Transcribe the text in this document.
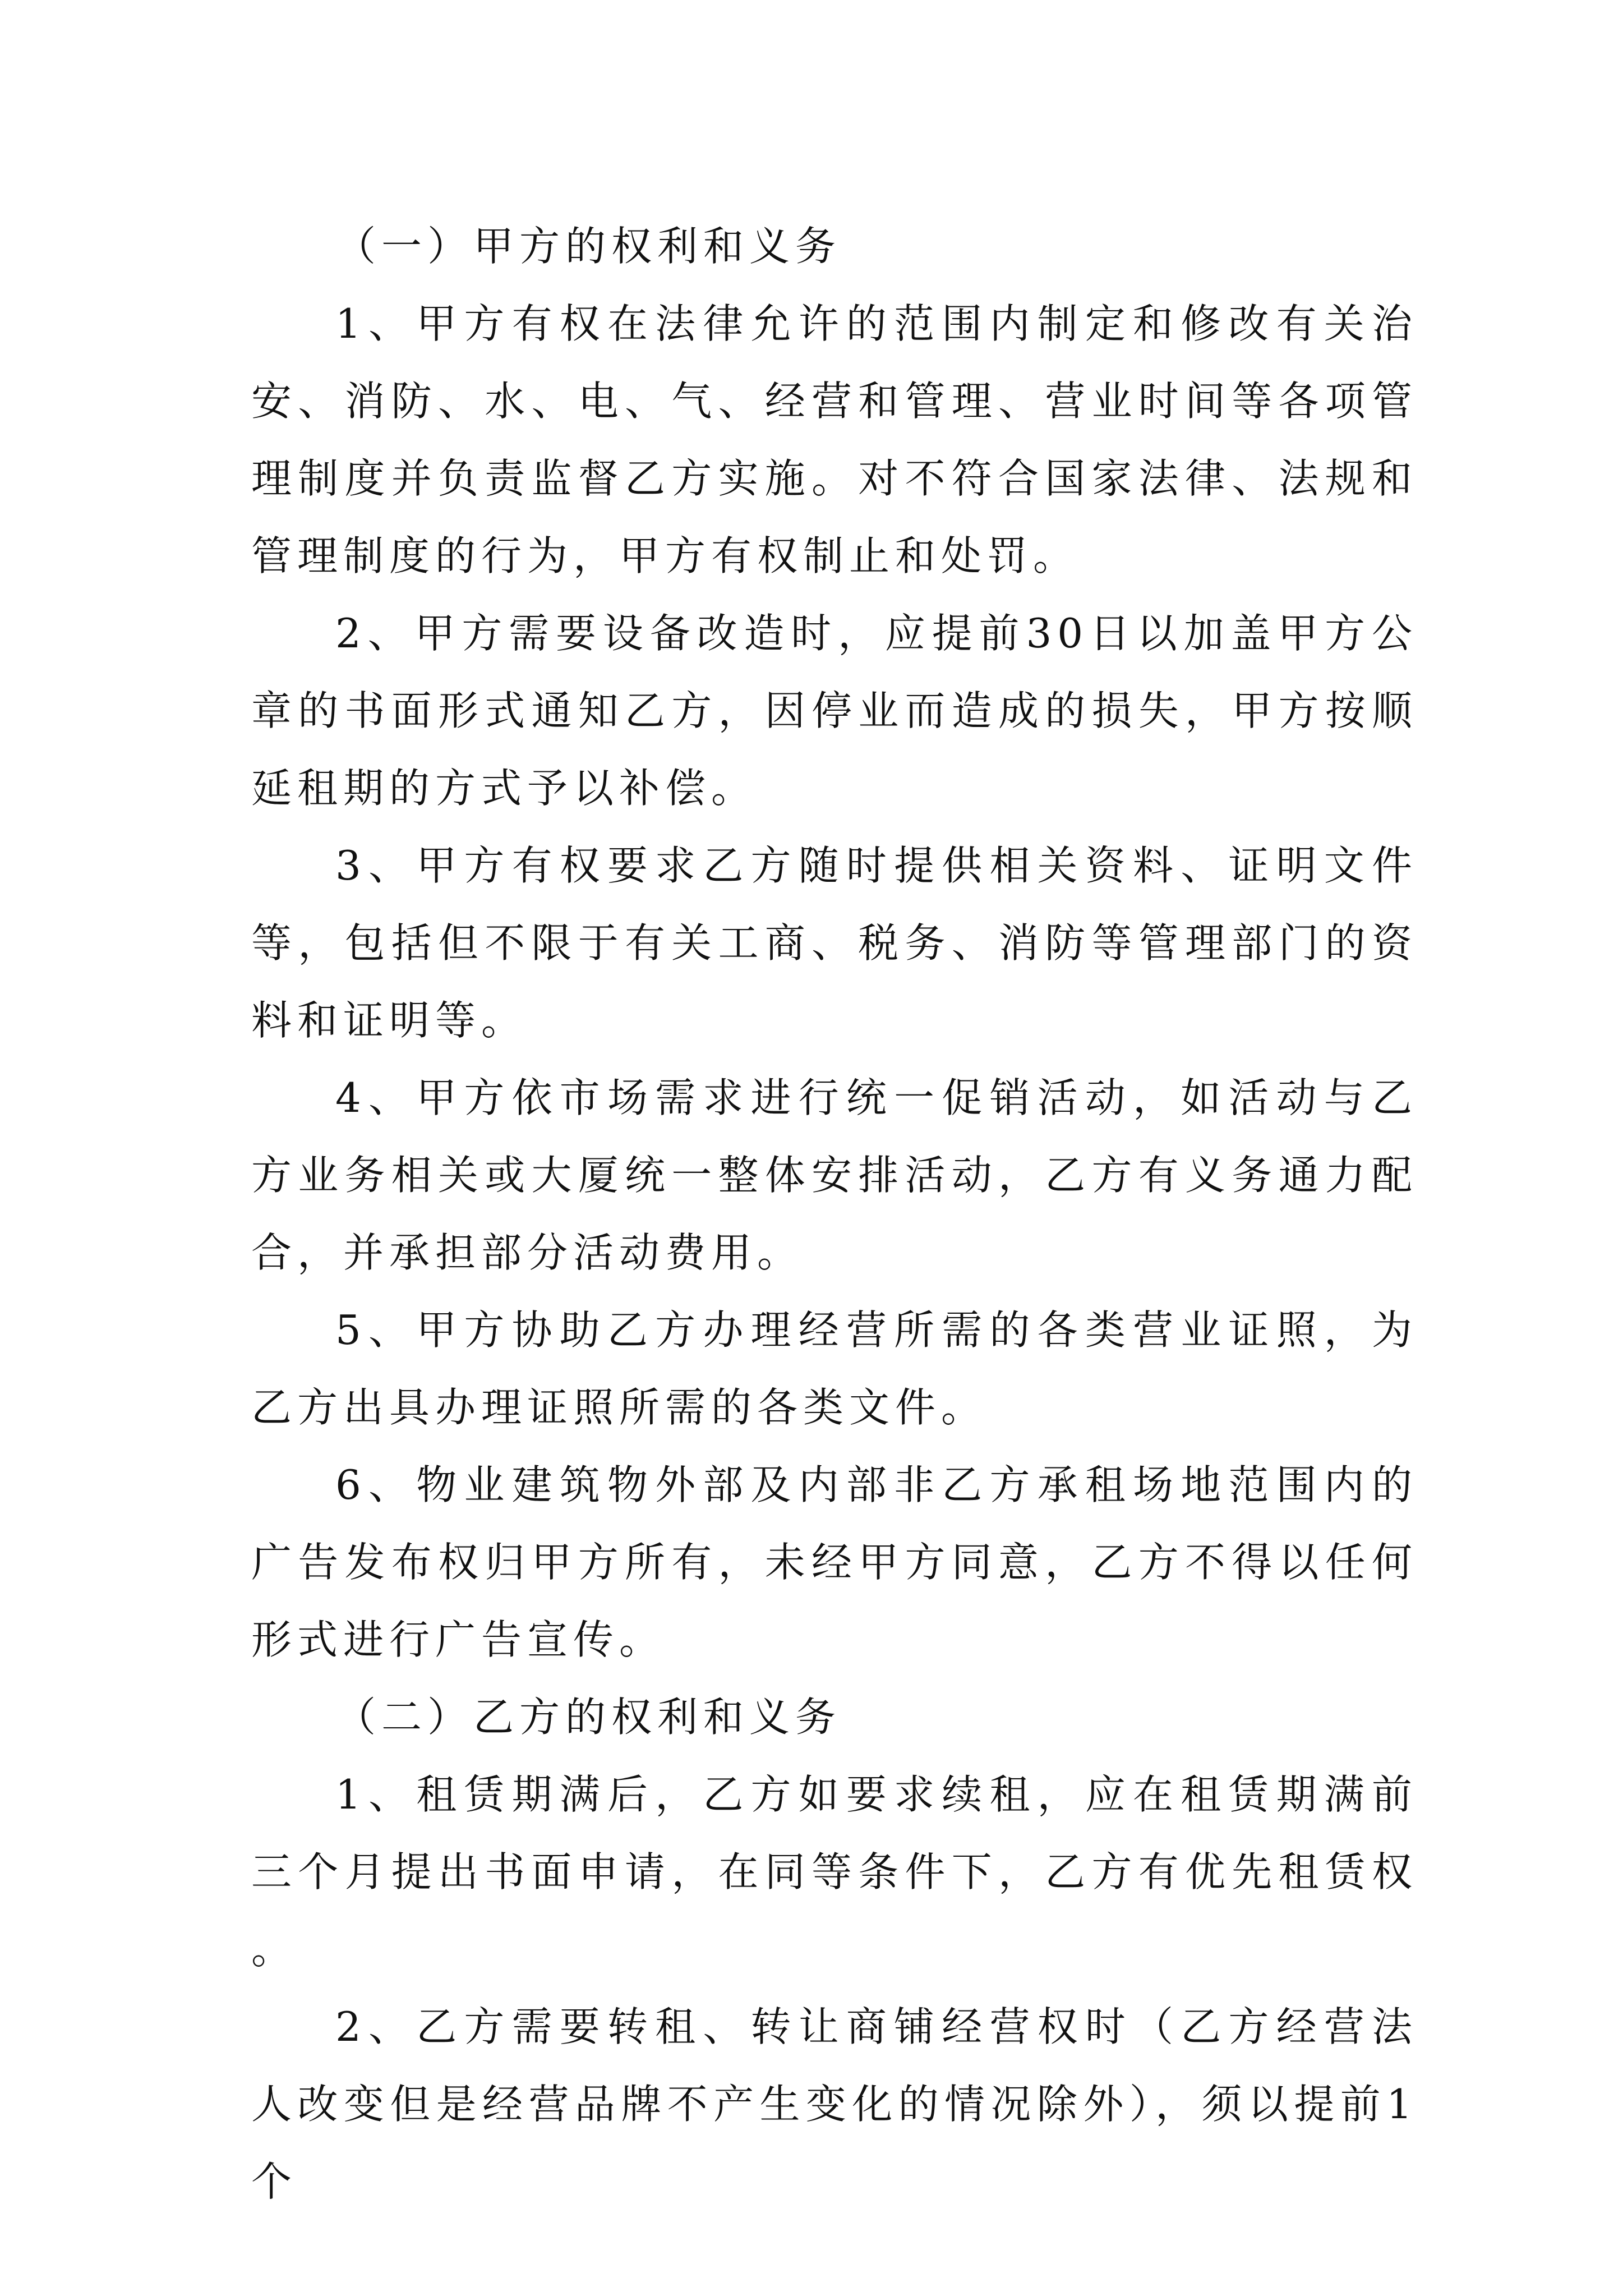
（一）甲方的权利和义务

1、甲方有权在法律允许的范围内制定和修改有关治安、消防、水、电、气、经营和管理、营业时间等各项管理制度并负责监督乙方实施。对不符合国家法律、法规和管理制度的行为，甲方有权制止和处罚。

2、甲方需要设备改造时，应提前30日以加盖甲方公章的书面形式通知乙方，因停业而造成的损失，甲方按顺延租期的方式予以补偿。

3、甲方有权要求乙方随时提供相关资料、证明文件等，包括但不限于有关工商、税务、消防等管理部门的资料和证明等。

4、甲方依市场需求进行统一促销活动，如活动与乙方业务相关或大厦统一整体安排活动，乙方有义务通力配合，并承担部分活动费用。

5、甲方协助乙方办理经营所需的各类营业证照，为乙方出具办理证照所需的各类文件。

6、物业建筑物外部及内部非乙方承租场地范围内的广告发布权归甲方所有，未经甲方同意，乙方不得以任何形式进行广告宣传。

（二）乙方的权利和义务

1、租赁期满后，乙方如要求续租，应在租赁期满前三个月提出书面申请，在同等条件下，乙方有优先租赁权。

2、乙方需要转租、转让商铺经营权时（乙方经营法人改变但是经营品牌不产生变化的情况除外），须以提前1个
